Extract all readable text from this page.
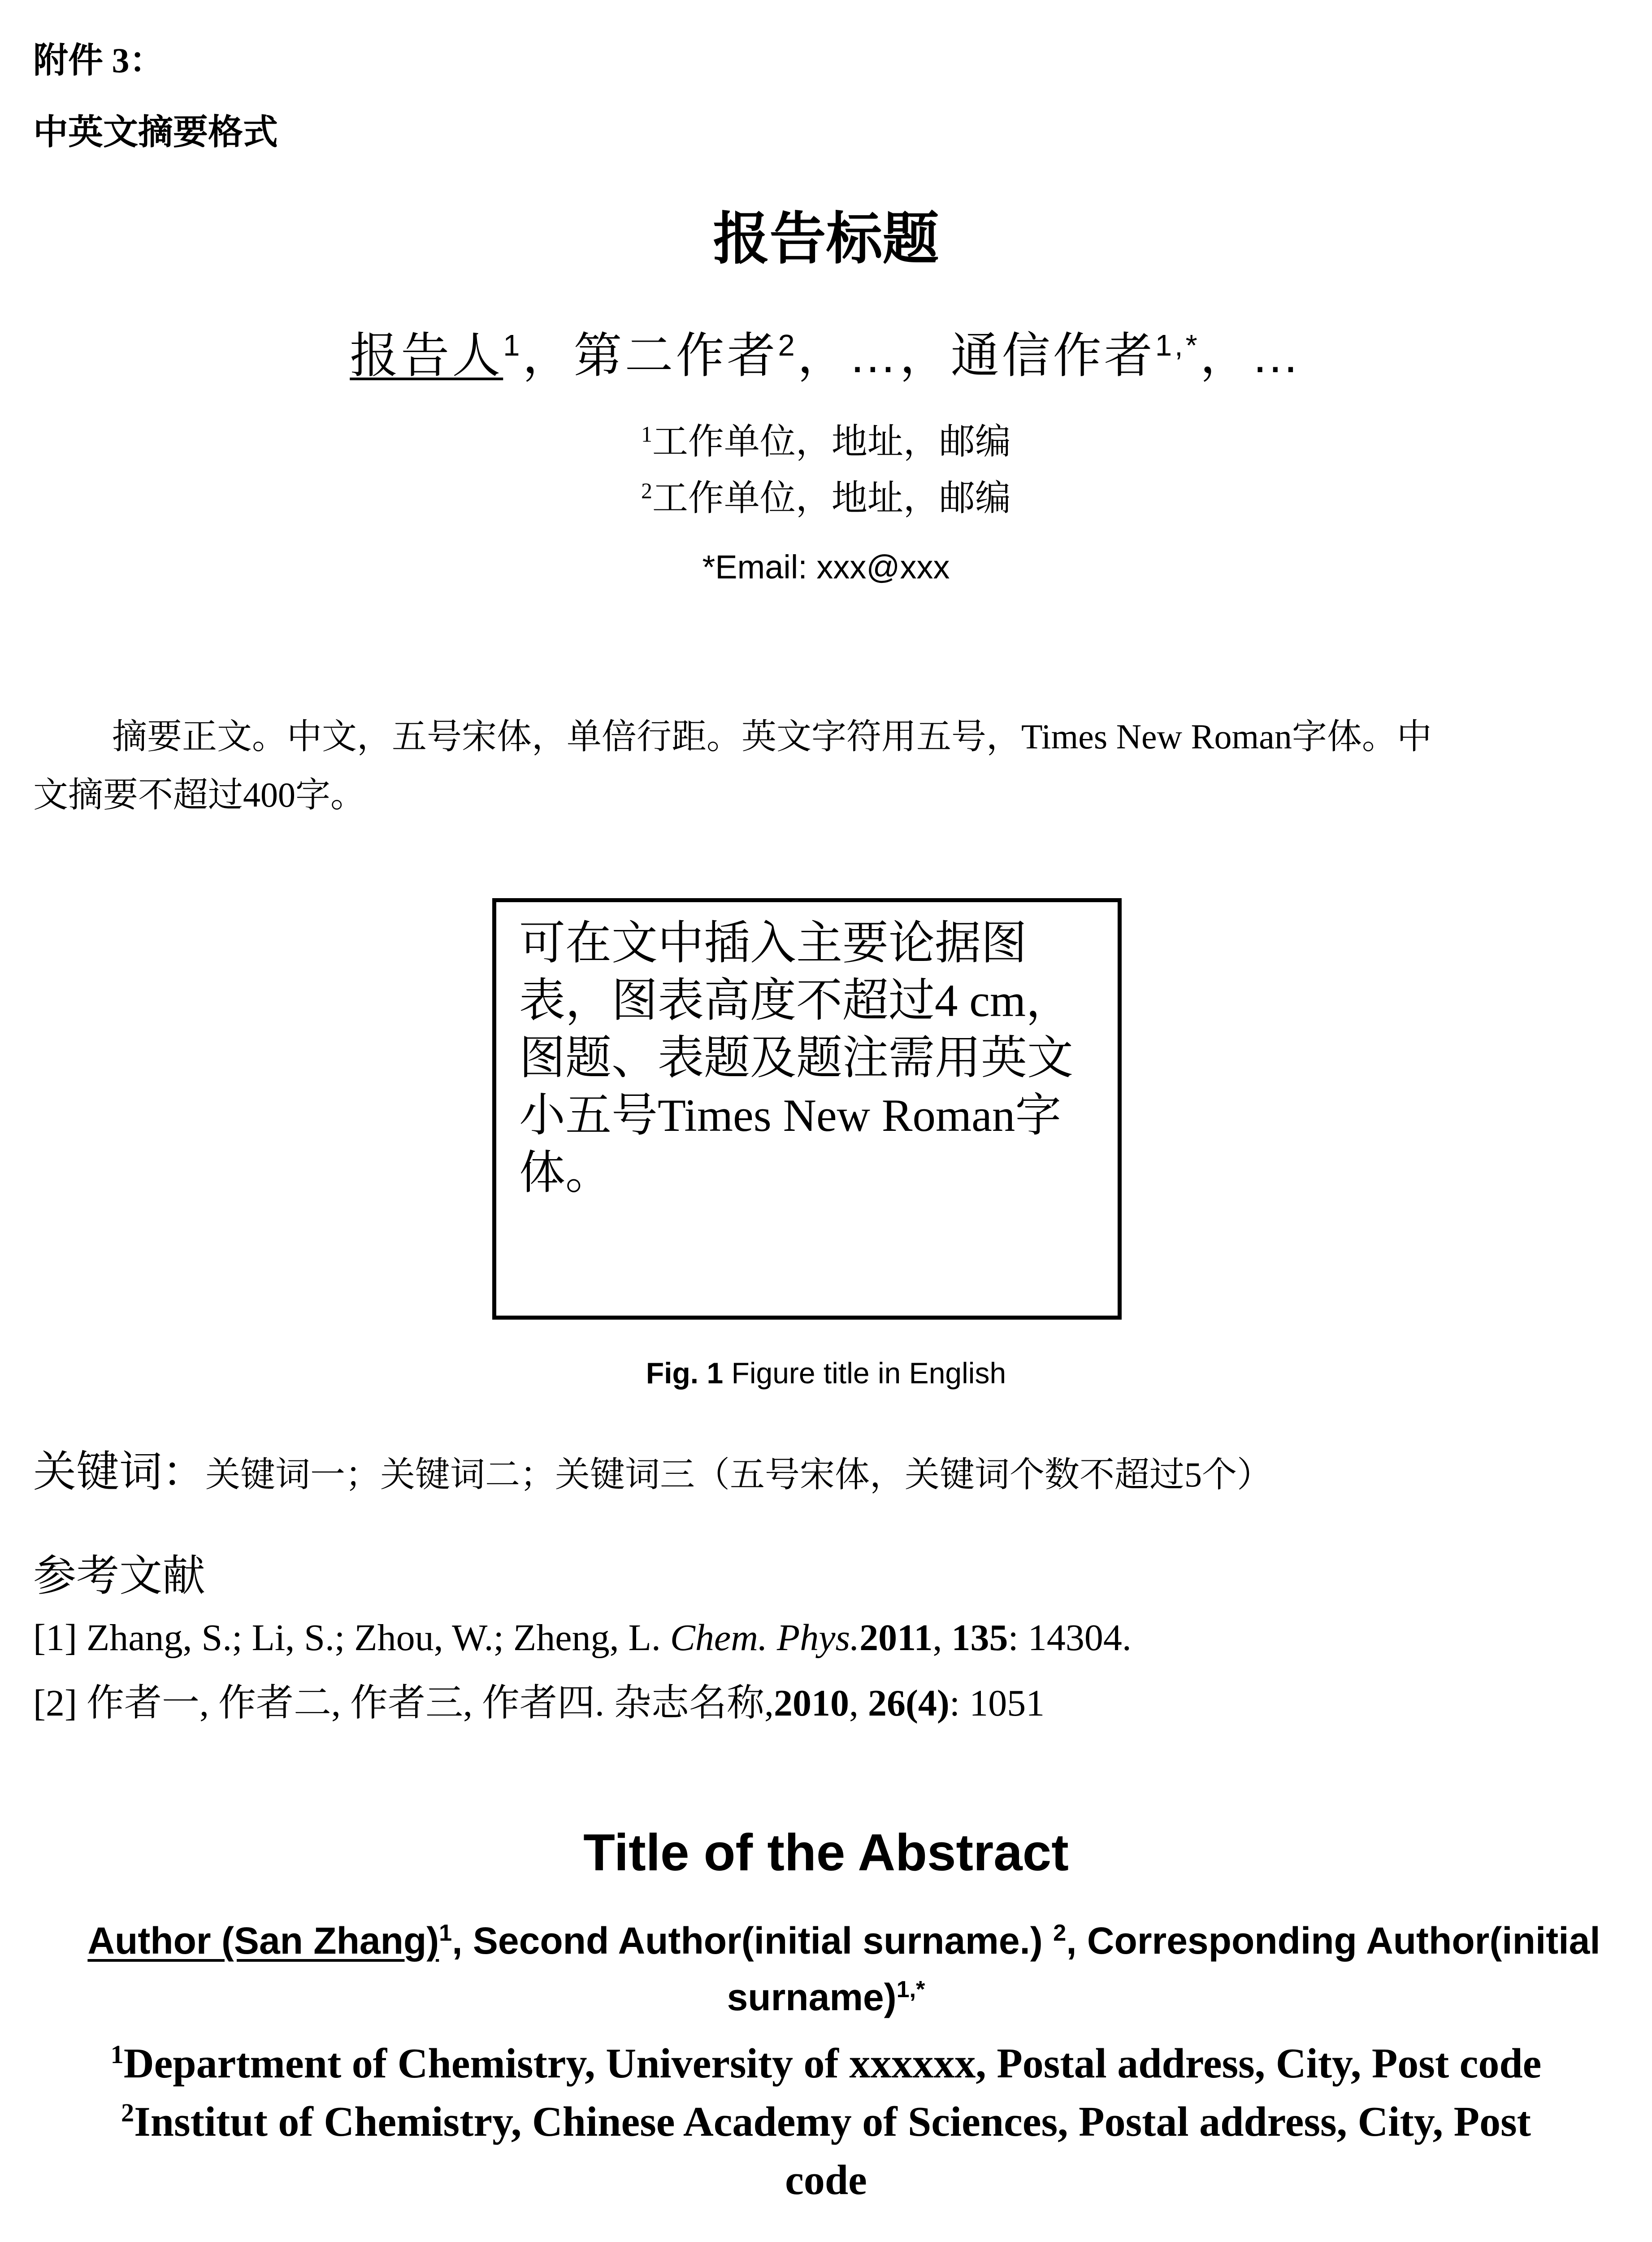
附件 3：
中英文摘要格式
报告标题
报告人$^1$，第二作者$^2$，…，通信作者$^{1,*}$，…
$^1$工作单位，地址，邮编
$^2$工作单位，地址，邮编
*Email: xxx@xxx
摘要正文。中文，五号宋体，单倍行距。英文字符用五号，Times New Roman字体。中
文摘要不超过400字。
可在文中插入主要论据图表，图表高度不超过4 cm，图题、表题及题注需用英文小五号Times New Roman字体。
Fig. 1 Figure title in English
关键词：关键词一；关键词二；关键词三（五号宋体，关键词个数不超过5个）
参考文献
[1] Zhang, S.; Li, S.; Zhou, W.; Zheng, L. Chem. Phys.2011, 135: 14304.
[2] 作者一, 作者二, 作者三, 作者四. 杂志名称,2010, 26(4): 1051
Title of the Abstract
Author (San Zhang)$^1$, Second Author(initial surname.) $^2$, Corresponding Author(initial
surname)$^{1,*}$
$^1$Department of Chemistry, University of xxxxxx, Postal address, City, Post code
$^2$Institut of Chemistry, Chinese Academy of Sciences, Postal address, City, Post
code
